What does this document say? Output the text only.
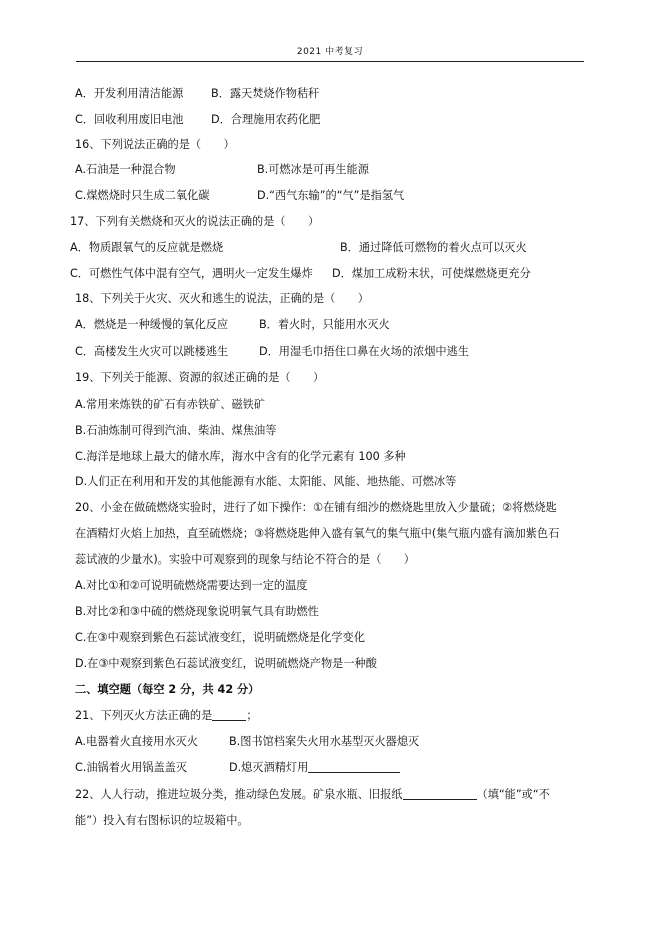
2021 中考复习
A．开发利用清洁能源 B．露天焚烧作物秸秆
C．回收利用废旧电池 D．合理施用农药化肥
16、下列说法正确的是（　　）
A.石油是一种混合物	B.可燃冰是可再生能源
C.煤燃烧时只生成二氧化碳	D.“西气东输”的“气”是指氢气
17、下列有关燃烧和灭火的说法正确的是（　　）
A．物质跟氧气的反应就是燃烧	B．通过降低可燃物的着火点可以灭火
C．可燃性气体中混有空气，遇明火一定发生爆炸 D．煤加工成粉末状，可使煤燃烧更充分
18、下列关于火灾、灭火和逃生的说法，正确的是（　　）
A．燃烧是一种缓慢的氧化反应	B．着火时，只能用水灭火
C．高楼发生火灾可以跳楼逃生	D．用湿毛巾捂住口鼻在火场的浓烟中逃生
19、下列关于能源、资源的叙述正确的是（　　）
A.常用来炼铁的矿石有赤铁矿、磁铁矿
B.石油炼制可得到汽油、柴油、煤焦油等
C.海洋是地球上最大的储水库，海水中含有的化学元素有 100 多种
D.人们正在利用和开发的其他能源有水能、太阳能、风能、地热能、可燃冰等
20、小金在做硫燃烧实验时，进行了如下操作：①在铺有细沙的燃烧匙里放入少量硫；②将燃烧匙
在酒精灯火焰上加热，直至硫燃烧；③将燃烧匙伸入盛有氧气的集气瓶中(集气瓶内盛有滴加紫色石
蕊试液的少量水)。实验中可观察到的现象与结论不符合的是（　　）
A.对比①和②可说明硫燃烧需要达到一定的温度
B.对比②和③中硫的燃烧现象说明氧气具有助燃性
C.在③中观察到紫色石蕊试液变红，说明硫燃烧是化学变化
D.在③中观察到紫色石蕊试液变红，说明硫燃烧产物是一种酸
二、填空题（每空 2 分，共 42 分）
21、下列灭火方法正确的是	；
A.电器着火直接用水灭火	B.图书馆档案失火用水基型灭火器熄灭
C.油锅着火用锅盖盖灭	D.熄灭酒精灯用
22、人人行动，推进垃圾分类，推动绿色发展。矿泉水瓶、旧报纸	（填“能”或“不
能”）投入有右图标识的垃圾箱中。
